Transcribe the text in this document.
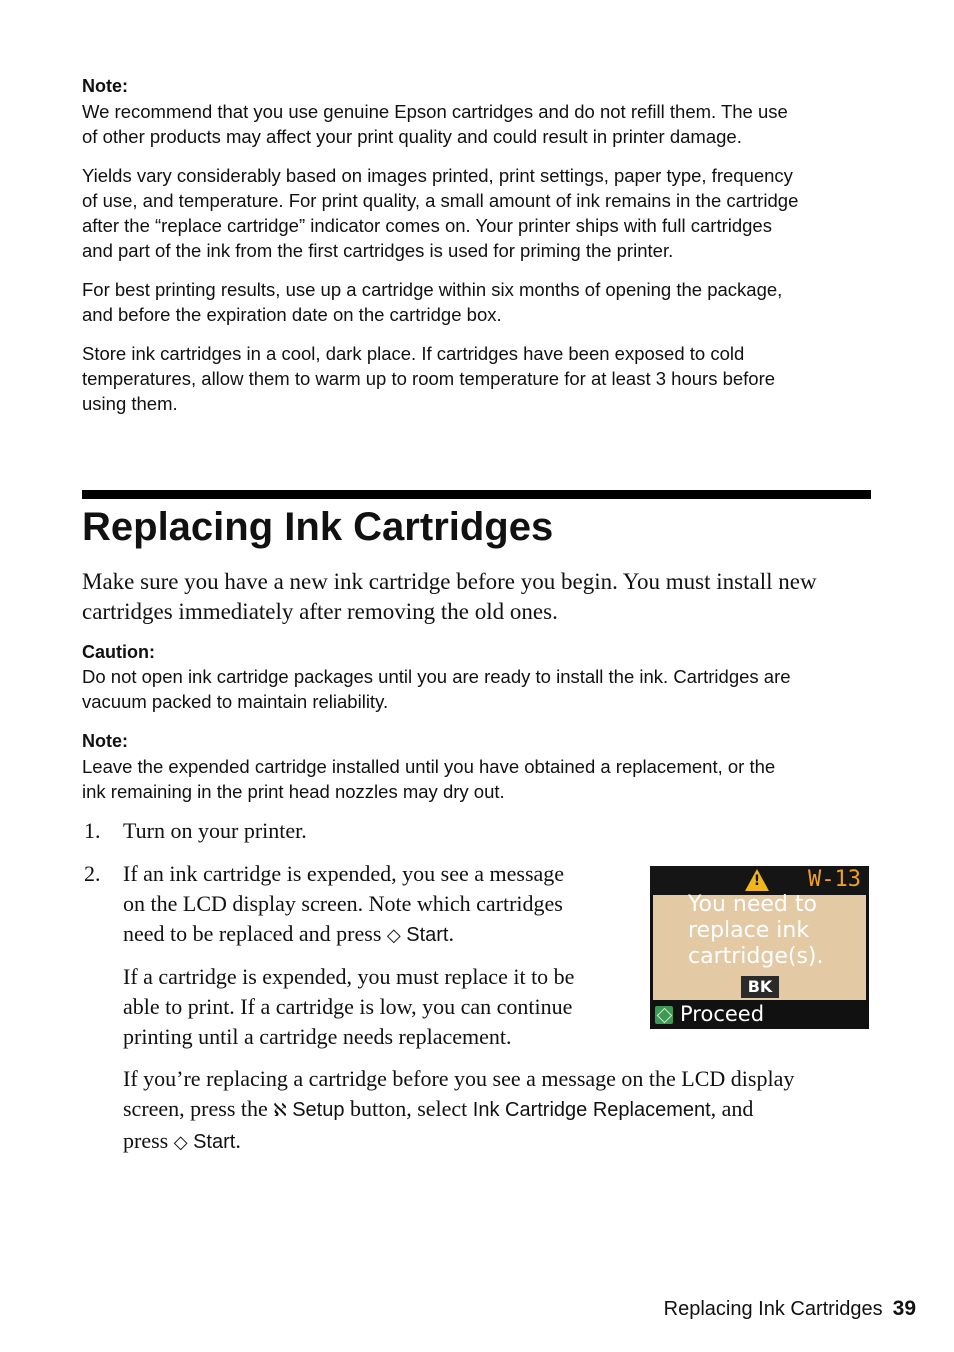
Note:
We recommend that you use genuine Epson cartridges and do not refill them. The use
of other products may affect your print quality and could result in printer damage.
Yields vary considerably based on images printed, print settings, paper type, frequency
of use, and temperature. For print quality, a small amount of ink remains in the cartridge
after the “replace cartridge” indicator comes on. Your printer ships with full cartridges
and part of the ink from the first cartridges is used for priming the printer.
For best printing results, use up a cartridge within six months of opening the package,
and before the expiration date on the cartridge box.
Store ink cartridges in a cool, dark place. If cartridges have been exposed to cold
temperatures, allow them to warm up to room temperature for at least 3 hours before
using them.
Replacing Ink Cartridges
Make sure you have a new ink cartridge before you begin. You must install new
cartridges immediately after removing the old ones.
Caution:
Do not open ink cartridge packages until you are ready to install the ink. Cartridges are
vacuum packed to maintain reliability.
Note:
Leave the expended cartridge installed until you have obtained a replacement, or the
ink remaining in the print head nozzles may dry out.
1. Turn on your printer.
2. If an ink cartridge is expended, you see a message
on the LCD display screen. Note which cartridges
need to be replaced and press ◇ Start.
If a cartridge is expended, you must replace it to be
able to print. If a cartridge is low, you can continue
printing until a cartridge needs replacement.
If you’re replacing a cartridge before you see a message on the LCD display
screen, press the ℵ Setup button, select Ink Cartridge Replacement, and
press ◇ Start.
! W-13
You need to
replace ink
cartridge(s).
BK
Proceed
Replacing Ink Cartridges 39
